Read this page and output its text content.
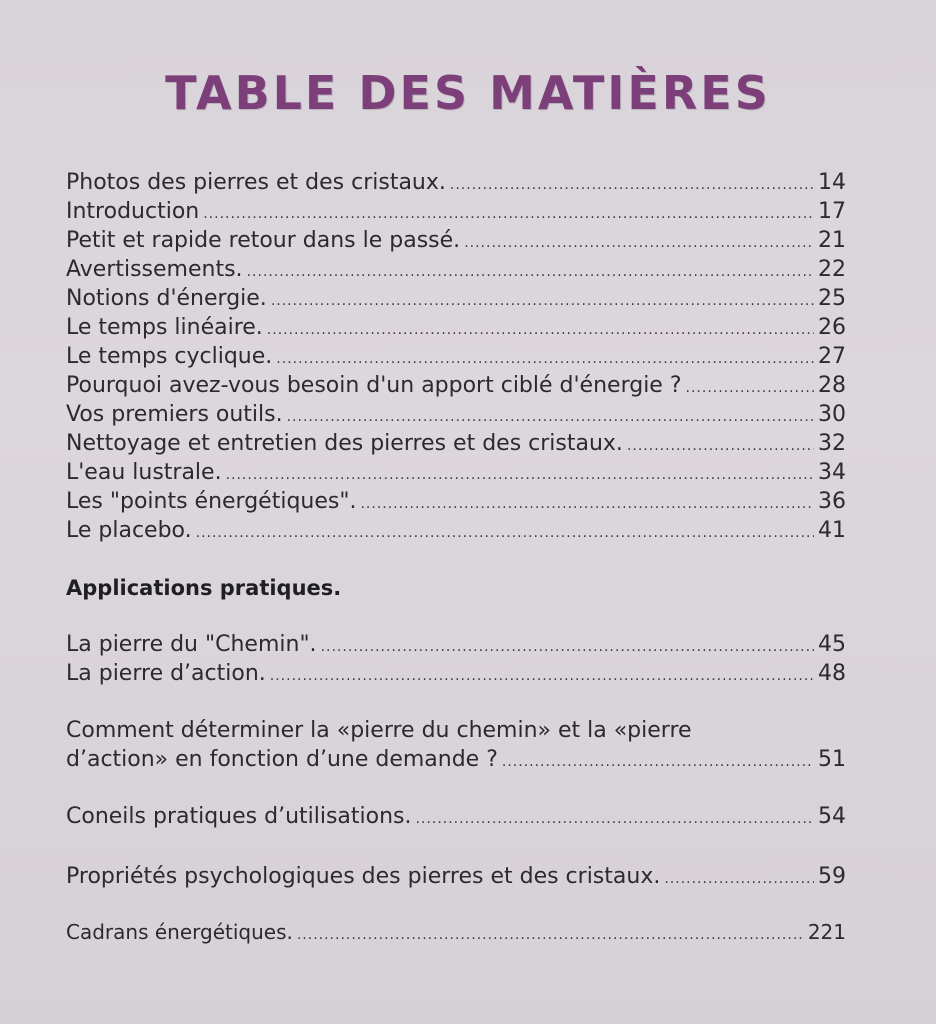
TABLE DES MATIÈRES
Photos des pierres et des cristaux. .....	14
Introduction .....	17
Petit et rapide retour dans le passé. .....	21
Avertissements. .....	22
Notions d'énergie. .....	25
Le temps linéaire. .....	26
Le temps cyclique. .....	27
Pourquoi avez-vous besoin d'un apport ciblé d'énergie ? .....	28
Vos premiers outils. .....	30
Nettoyage et entretien des pierres et des cristaux. .....	32
L'eau lustrale. .....	34
Les "points énergétiques". .....	36
Le placebo. .....	41
Applications pratiques.
La pierre du "Chemin". .....	45
La pierre d’action. .....	48
Comment déterminer la «pierre du chemin» et la «pierre
d’action» en fonction d’une demande ? .....	51
Coneils pratiques d’utilisations. .....	54
Propriétés psychologiques des pierres et des cristaux. .....	59
Cadrans énergétiques. .....	221
